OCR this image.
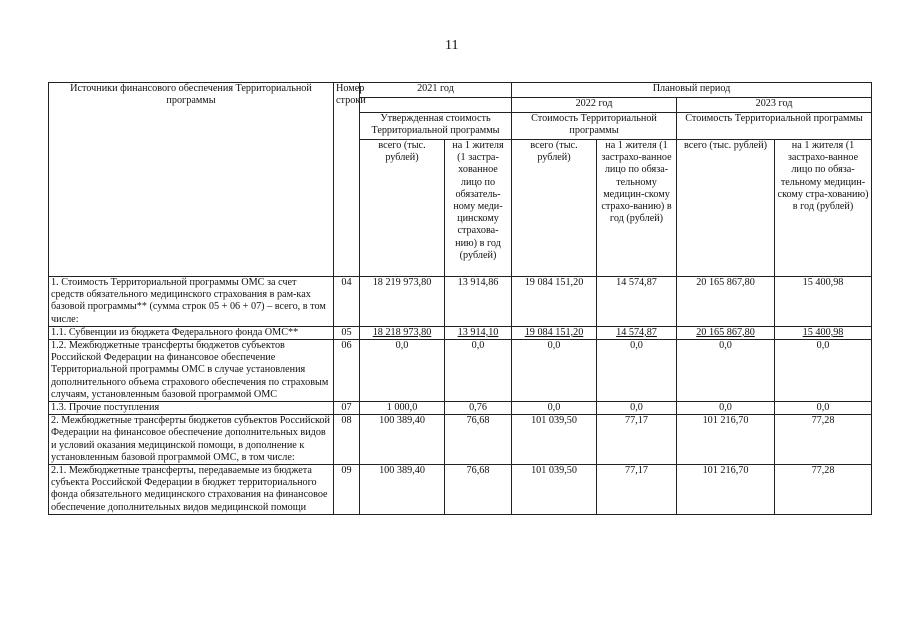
11
Источники финансового обеспечения Территориальной программы	Номер строки	2021 год		Плановый период			
				2022 год		2023 год	
		Утвержденная стоимость Территориальной программы		Стоимость Территориальной программы		Стоимость Территориальной программы	
		всего (тыс. рублей)	на 1 жителя (1 застра-хованное лицо по обязатель-ному меди-цинскому страхова-нию) в год (рублей)	всего (тыс. рублей)	на 1 жителя (1 застрахо-ванное лицо по обяза-тельному медицин-скому страхо-ванию) в год (рублей)	всего (тыс. рублей)	на 1 жителя (1 застрахо-ванное лицо по обяза-тельному медицин-скому стра-хованию) в год (рублей)
1. Стоимость Территориальной программы ОМС за счет средств обязательного медицинского страхования в рам-ках базовой программы** (сумма строк 05 + 06 + 07) – всего, в том числе:	04	18 219 973,80	13 914,86	19 084 151,20	14 574,87	20 165 867,80	15 400,98
1.1. Субвенции из бюджета Федерального фонда ОМС**	05	18 218 973,80	13 914,10	19 084 151,20	14 574,87	20 165 867,80	15 400,98
1.2. Межбюджетные трансферты бюджетов субъектов Российской Федерации на финансовое обеспечение Территориальной программы ОМС в случае установления дополнительного объема страхового обеспечения по страховым случаям, установленным базовой программой ОМС	06	0,0	0,0	0,0	0,0	0,0	0,0
1.3. Прочие поступления	07	1 000,0	0,76	0,0	0,0	0,0	0,0
2. Межбюджетные трансферты бюджетов субъектов Российской Федерации на финансовое обеспечение дополнительных видов и условий оказания медицинской помощи, в дополнение к установленным базовой программой ОМС, в том числе:	08	100 389,40	76,68	101 039,50	77,17	101 216,70	77,28
2.1. Межбюджетные трансферты, передаваемые из бюджета субъекта Российской Федерации в бюджет территориального фонда обязательного медицинского страхования на финансовое обеспечение дополнительных видов медицинской помощи	09	100 389,40	76,68	101 039,50	77,17	101 216,70	77,28
